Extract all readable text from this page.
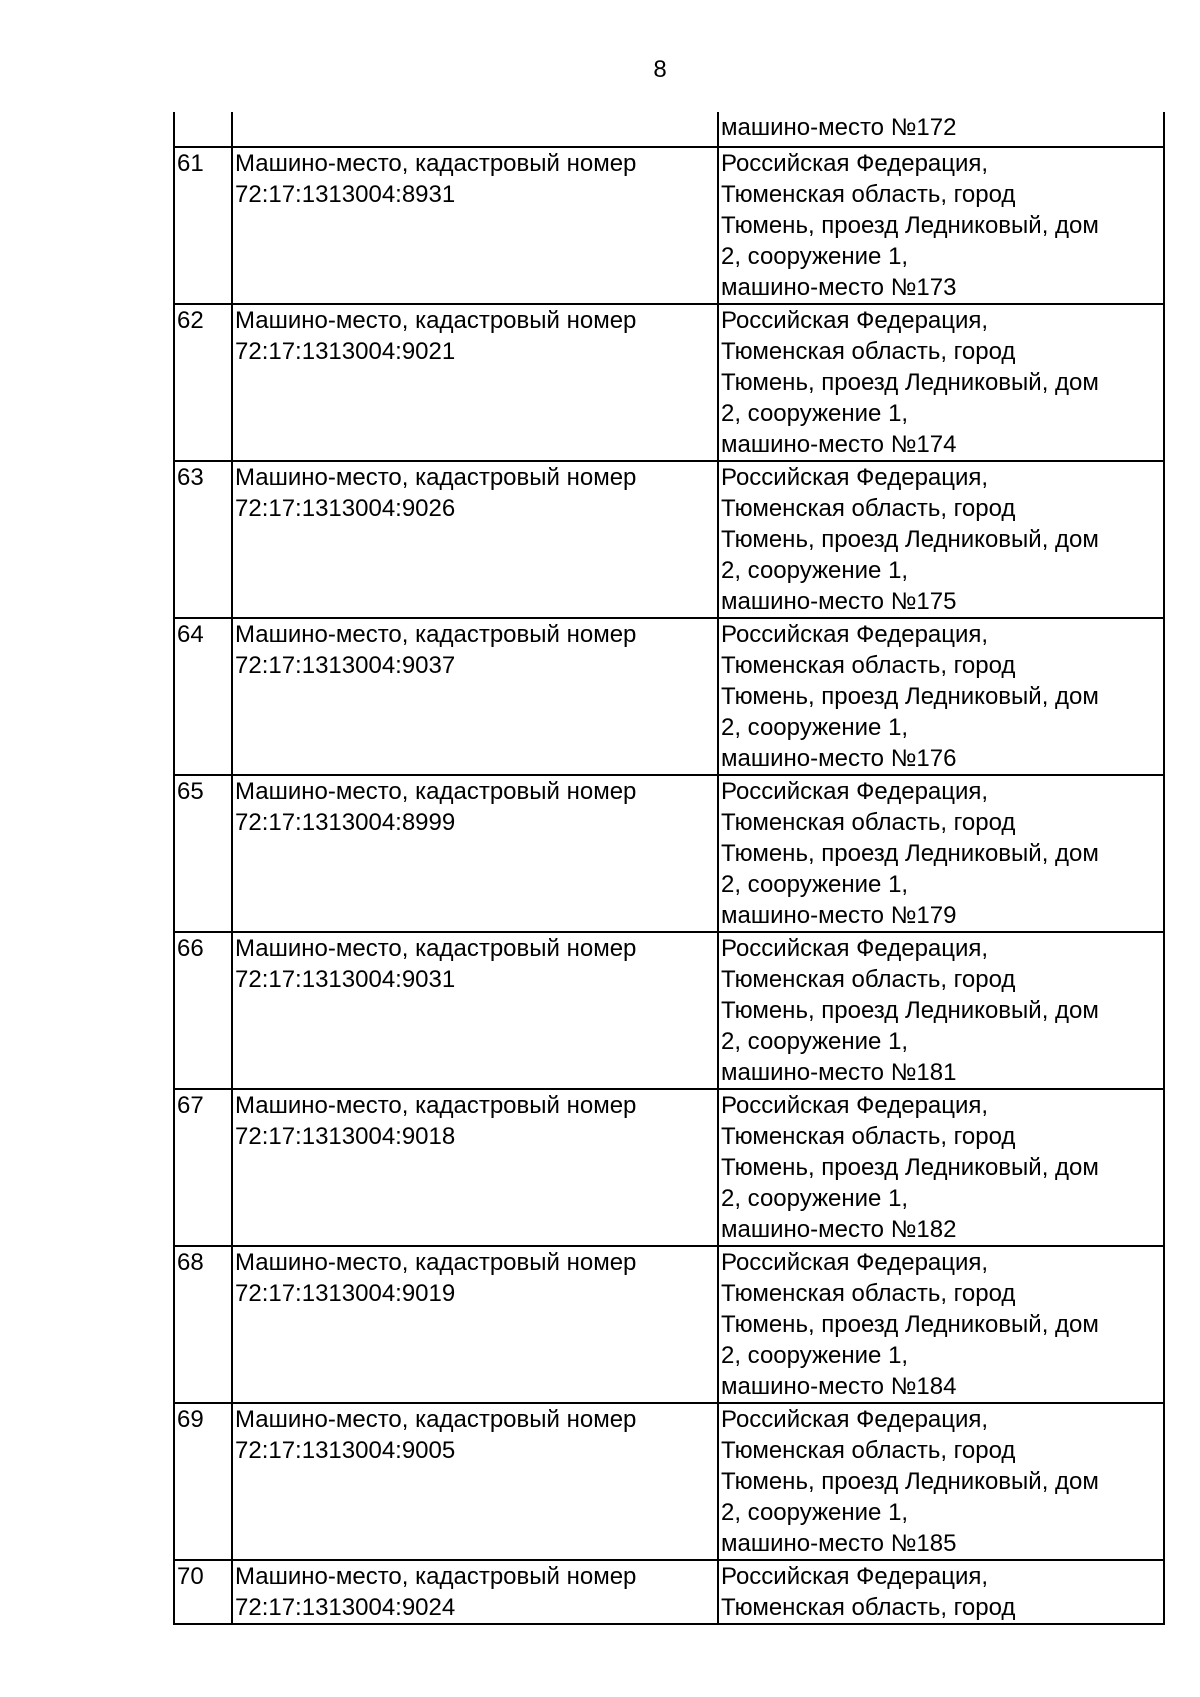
8

		машино-место №172

61	Машино-место, кадастровый номер
72:17:1313004:8931	Российская Федерация,
Тюменская область, город
Тюмень, проезд Ледниковый, дом
2, сооружение 1,
машино-место №173

62	Машино-место, кадастровый номер
72:17:1313004:9021	Российская Федерация,
Тюменская область, город
Тюмень, проезд Ледниковый, дом
2, сооружение 1,
машино-место №174

63	Машино-место, кадастровый номер
72:17:1313004:9026	Российская Федерация,
Тюменская область, город
Тюмень, проезд Ледниковый, дом
2, сооружение 1,
машино-место №175

64	Машино-место, кадастровый номер
72:17:1313004:9037	Российская Федерация,
Тюменская область, город
Тюмень, проезд Ледниковый, дом
2, сооружение 1,
машино-место №176

65	Машино-место, кадастровый номер
72:17:1313004:8999	Российская Федерация,
Тюменская область, город
Тюмень, проезд Ледниковый, дом
2, сооружение 1,
машино-место №179

66	Машино-место, кадастровый номер
72:17:1313004:9031	Российская Федерация,
Тюменская область, город
Тюмень, проезд Ледниковый, дом
2, сооружение 1,
машино-место №181

67	Машино-место, кадастровый номер
72:17:1313004:9018	Российская Федерация,
Тюменская область, город
Тюмень, проезд Ледниковый, дом
2, сооружение 1,
машино-место №182

68	Машино-место, кадастровый номер
72:17:1313004:9019	Российская Федерация,
Тюменская область, город
Тюмень, проезд Ледниковый, дом
2, сооружение 1,
машино-место №184

69	Машино-место, кадастровый номер
72:17:1313004:9005	Российская Федерация,
Тюменская область, город
Тюмень, проезд Ледниковый, дом
2, сооружение 1,
машино-место №185

70	Машино-место, кадастровый номер
72:17:1313004:9024	Российская Федерация,
Тюменская область, город
